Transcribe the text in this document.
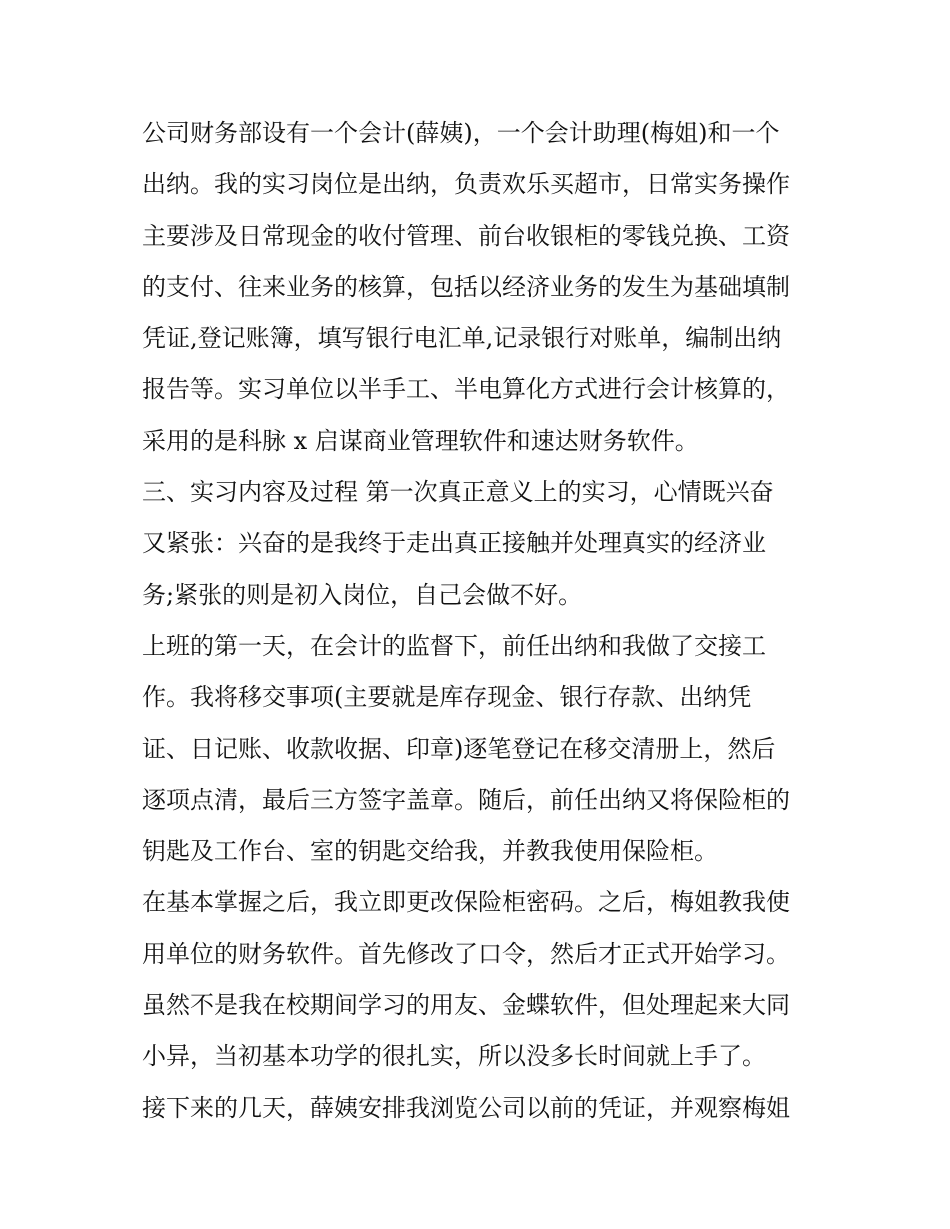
公司财务部设有一个会计(薛姨)，一个会计助理(梅姐)和一个
出纳。我的实习岗位是出纳，负责欢乐买超市，日常实务操作
主要涉及日常现金的收付管理、前台收银柜的零钱兑换、工资
的支付、往来业务的核算，包括以经济业务的发生为基础填制
凭证,登记账簿，填写银行电汇单,记录银行对账单，编制出纳
报告等。实习单位以半手工、半电算化方式进行会计核算的，
采用的是科脉 x 启谋商业管理软件和速达财务软件。
三、实习内容及过程 第一次真正意义上的实习，心情既兴奋
又紧张：兴奋的是我终于走出真正接触并处理真实的经济业
务;紧张的则是初入岗位，自己会做不好。
上班的第一天，在会计的监督下，前任出纳和我做了交接工
作。我将移交事项(主要就是库存现金、银行存款、出纳凭
证、日记账、收款收据、印章)逐笔登记在移交清册上，然后
逐项点清，最后三方签字盖章。随后，前任出纳又将保险柜的
钥匙及工作台、室的钥匙交给我，并教我使用保险柜。
在基本掌握之后，我立即更改保险柜密码。之后，梅姐教我使
用单位的财务软件。首先修改了口令，然后才正式开始学习。
虽然不是我在校期间学习的用友、金蝶软件，但处理起来大同
小异，当初基本功学的很扎实，所以没多长时间就上手了。
接下来的几天，薛姨安排我浏览公司以前的凭证，并观察梅姐
